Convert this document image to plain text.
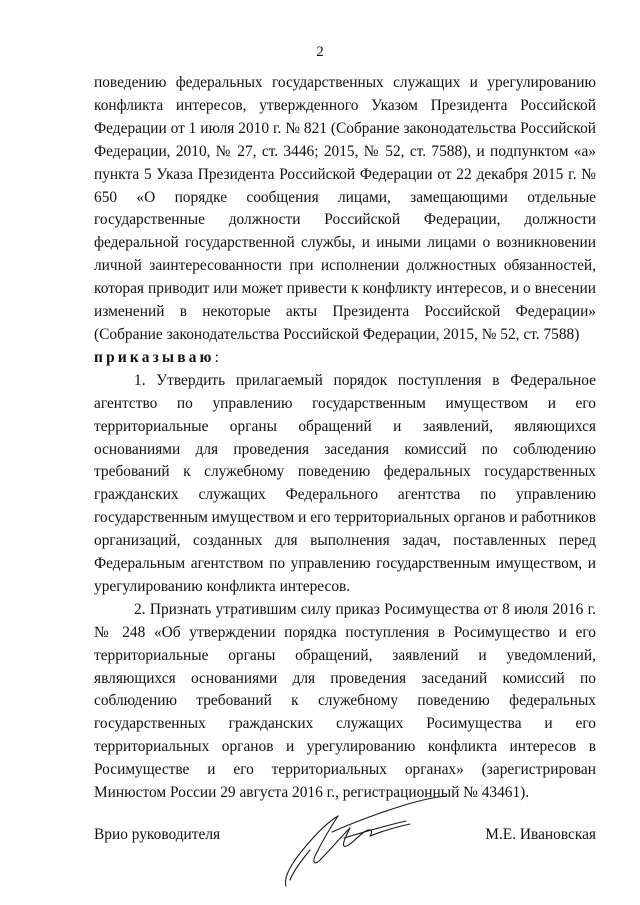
2

поведению федеральных государственных служащих и урегулированию конфликта интересов, утвержденного Указом Президента Российской Федерации от 1 июля 2010 г. № 821 (Собрание законодательства Российской Федерации, 2010, № 27, ст. 3446; 2015, № 52, ст. 7588), и подпунктом «а» пункта 5 Указа Президента Российской Федерации от 22 декабря 2015 г. № 650 «О порядке сообщения лицами, замещающими отдельные государственные должности Российской Федерации, должности федеральной государственной службы, и иными лицами о возникновении личной заинтересованности при исполнении должностных обязанностей, которая приводит или может привести к конфликту интересов, и о внесении изменений в некоторые акты Президента Российской Федерации» (Собрание законодательства Российской Федерации, 2015, № 52, ст. 7588)

приказываю:

1. Утвердить прилагаемый порядок поступления в Федеральное агентство по управлению государственным имуществом и его территориальные органы обращений и заявлений, являющихся основаниями для проведения заседания комиссий по соблюдению требований к служебному поведению федеральных государственных гражданских служащих Федерального агентства по управлению государственным имуществом и его территориальных органов и работников организаций, созданных для выполнения задач, поставленных перед Федеральным агентством по управлению государственным имуществом, и урегулированию конфликта интересов.

2. Признать утратившим силу приказ Росимущества от 8 июля 2016 г. № 248 «Об утверждении порядка поступления в Росимущество и его территориальные органы обращений, заявлений и уведомлений, являющихся основаниями для проведения заседаний комиссий по соблюдению требований к служебному поведению федеральных государственных гражданских служащих Росимущества и его территориальных органов и урегулированию конфликта интересов в Росимуществе и его территориальных органах» (зарегистрирован Минюстом России 29 августа 2016 г., регистрационный № 43461).

Врио руководителя	М.Е. Ивановская
